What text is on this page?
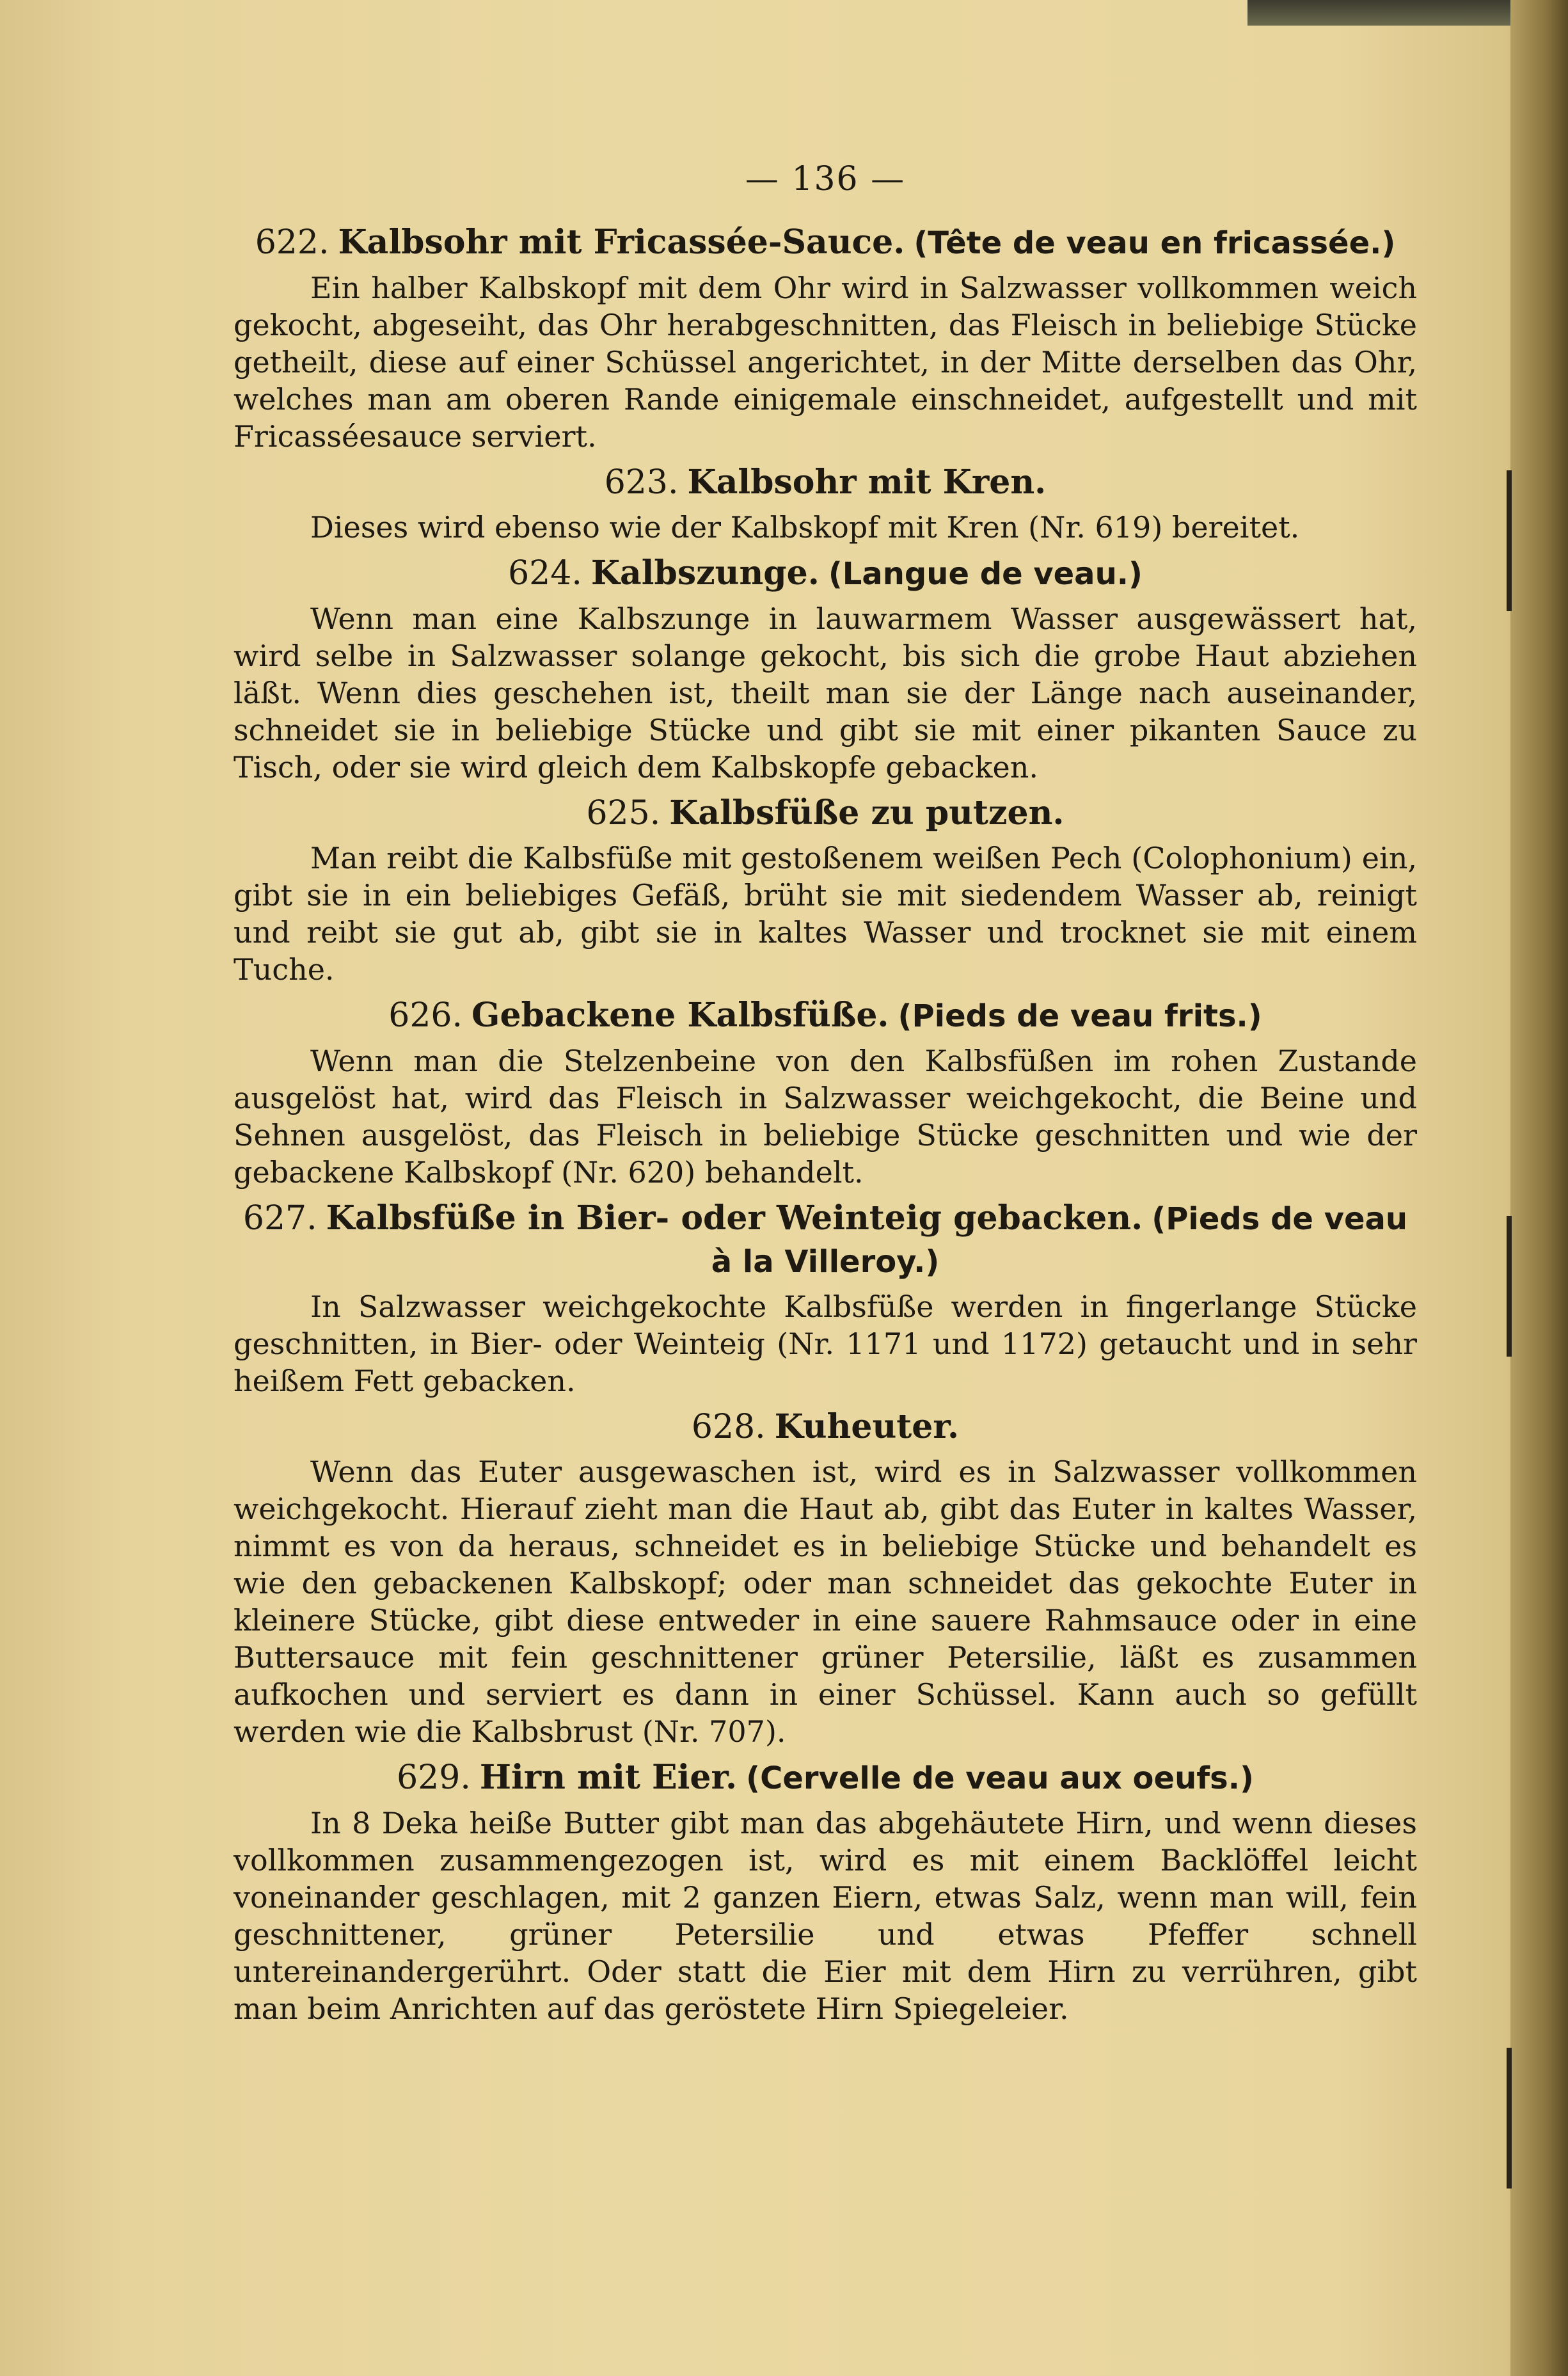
— 136 —
622. Kalbsohr mit Fricassée-Sauce. (Tête de veau en fricassée.)

Ein halber Kalbskopf mit dem Ohr wird in Salzwasser vollkommen weich gekocht, abgeseiht, das Ohr herabgeschnitten, das Fleisch in beliebige Stücke getheilt, diese auf einer Schüssel angerichtet, in der Mitte derselben das Ohr, welches man am oberen Rande einigemale einschneidet, aufgestellt und mit Fricasséesauce serviert.

623. Kalbsohr mit Kren.

Dieses wird ebenso wie der Kalbskopf mit Kren (Nr. 619) bereitet.

624. Kalbszunge. (Langue de veau.)

Wenn man eine Kalbszunge in lauwarmem Wasser ausgewässert hat, wird selbe in Salzwasser solange gekocht, bis sich die grobe Haut abziehen läßt. Wenn dies geschehen ist, theilt man sie der Länge nach auseinander, schneidet sie in beliebige Stücke und gibt sie mit einer pikanten Sauce zu Tisch, oder sie wird gleich dem Kalbskopfe gebacken.

625. Kalbsfüße zu putzen.

Man reibt die Kalbsfüße mit gestoßenem weißen Pech (Colophonium) ein, gibt sie in ein beliebiges Gefäß, brüht sie mit siedendem Wasser ab, reinigt und reibt sie gut ab, gibt sie in kaltes Wasser und trocknet sie mit einem Tuche.

626. Gebackene Kalbsfüße. (Pieds de veau frits.)

Wenn man die Stelzenbeine von den Kalbsfüßen im rohen Zustande ausgelöst hat, wird das Fleisch in Salzwasser weichgekocht, die Beine und Sehnen ausgelöst, das Fleisch in beliebige Stücke geschnitten und wie der gebackene Kalbskopf (Nr. 620) behandelt.

627. Kalbsfüße in Bier- oder Weinteig gebacken. (Pieds de veau à la Villeroy.)

In Salzwasser weichgekochte Kalbsfüße werden in fingerlange Stücke geschnitten, in Bier- oder Weinteig (Nr. 1171 und 1172) getaucht und in sehr heißem Fett gebacken.

628. Kuheuter.

Wenn das Euter ausgewaschen ist, wird es in Salzwasser vollkommen weichgekocht. Hierauf zieht man die Haut ab, gibt das Euter in kaltes Wasser, nimmt es von da heraus, schneidet es in beliebige Stücke und behandelt es wie den gebackenen Kalbskopf; oder man schneidet das gekochte Euter in kleinere Stücke, gibt diese entweder in eine sauere Rahmsauce oder in eine Buttersauce mit fein geschnittener grüner Petersilie, läßt es zusammen aufkochen und serviert es dann in einer Schüssel. Kann auch so gefüllt werden wie die Kalbsbrust (Nr. 707).

629. Hirn mit Eier. (Cervelle de veau aux oeufs.)

In 8 Deka heiße Butter gibt man das abgehäutete Hirn, und wenn dieses vollkommen zusammengezogen ist, wird es mit einem Backlöffel leicht voneinander geschlagen, mit 2 ganzen Eiern, etwas Salz, wenn man will, fein geschnittener, grüner Petersilie und etwas Pfeffer schnell untereinandergerührt. Oder statt die Eier mit dem Hirn zu verrühren, gibt man beim Anrichten auf das geröstete Hirn Spiegeleier.
